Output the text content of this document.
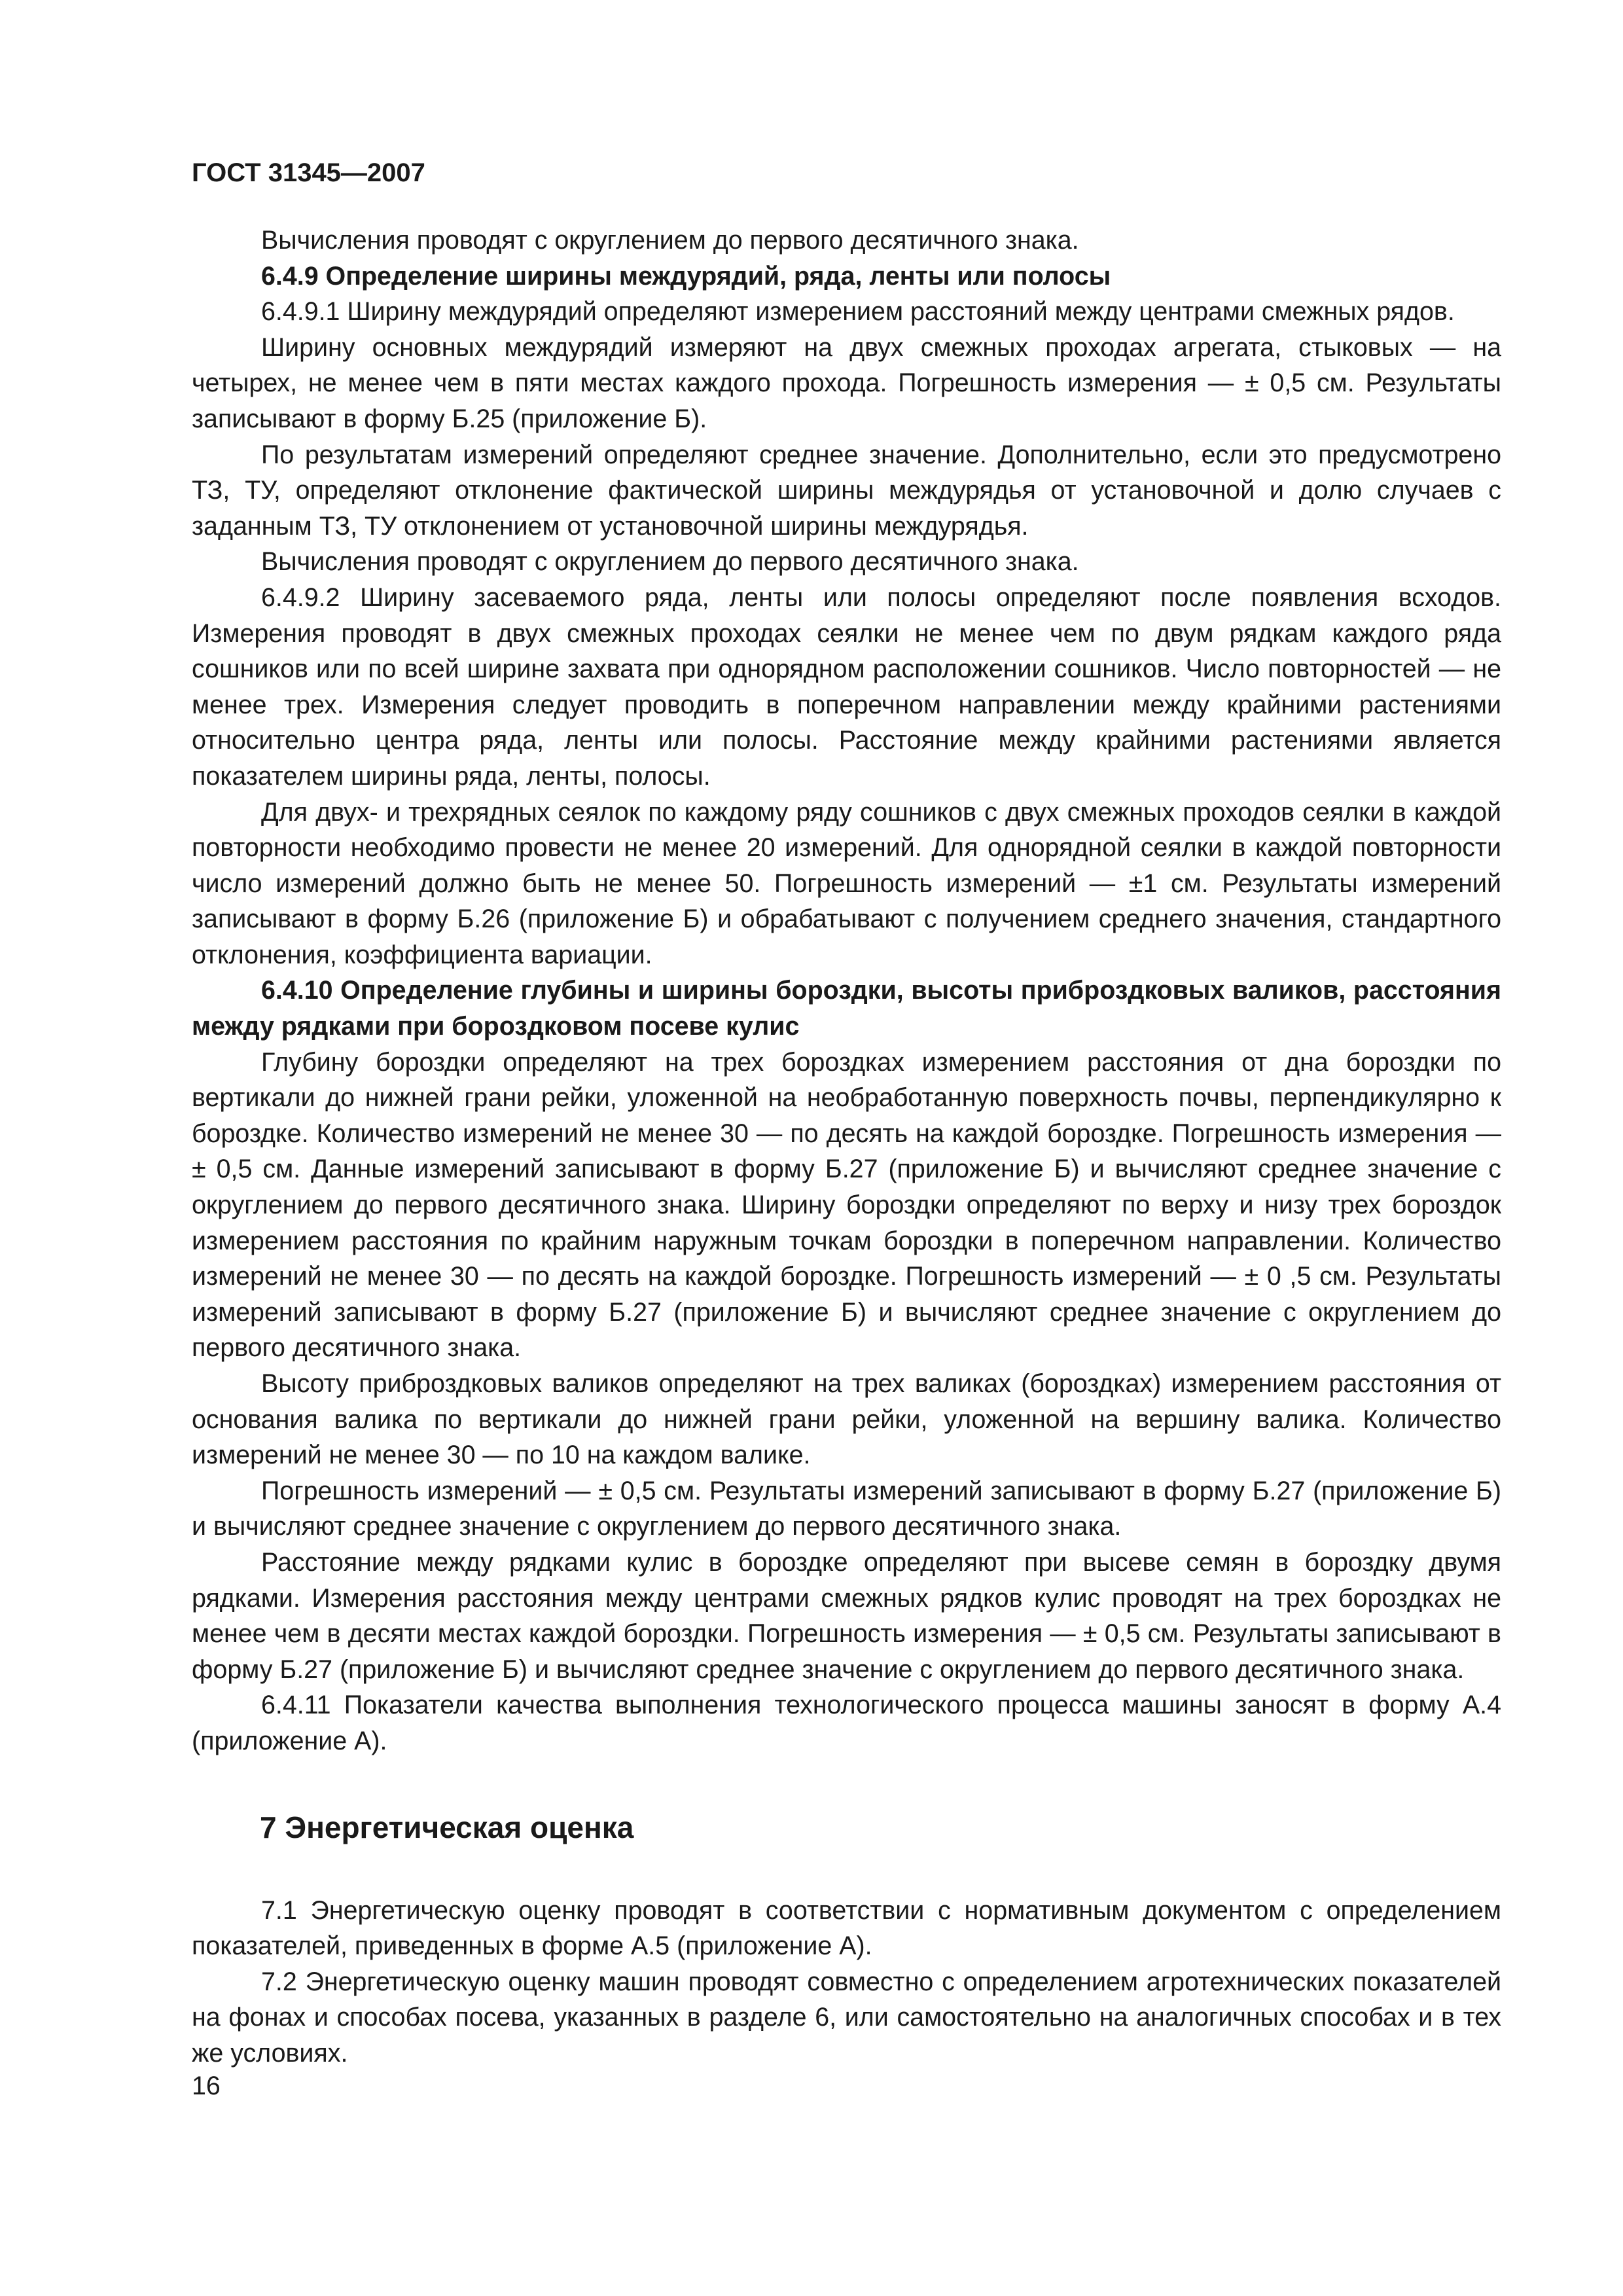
ГОСТ 31345—2007

Вычисления проводят с округлением до первого десятичного знака.

6.4.9 Определение ширины междурядий, ряда, ленты или полосы

6.4.9.1 Ширину междурядий определяют измерением расстояний между центрами смежных рядов.

Ширину основных междурядий измеряют на двух смежных проходах агрегата, стыковых — на четырех, не менее чем в пяти местах каждого прохода. Погрешность измерения — ± 0,5 см. Результаты записывают в форму Б.25 (приложение Б).

По результатам измерений определяют среднее значение. Дополнительно, если это предусмотрено ТЗ, ТУ, определяют отклонение фактической ширины междурядья от установочной и долю случаев с заданным ТЗ, ТУ отклонением от установочной ширины междурядья.

Вычисления проводят с округлением до первого десятичного знака.

6.4.9.2 Ширину засеваемого ряда, ленты или полосы определяют после появления всходов. Измерения проводят в двух смежных проходах сеялки не менее чем по двум рядкам каждого ряда сошников или по всей ширине захвата при однорядном расположении сошников. Число повторностей — не менее трех. Измерения следует проводить в поперечном направлении между крайними растениями относительно центра ряда, ленты или полосы. Расстояние между крайними растениями является показателем ширины ряда, ленты, полосы.

Для двух- и трехрядных сеялок по каждому ряду сошников с двух смежных проходов сеялки в каждой повторности необходимо провести не менее 20 измерений. Для однорядной сеялки в каждой повторности число измерений должно быть не менее 50. Погрешность измерений — ±1 см. Результаты измерений записывают в форму Б.26 (приложение Б) и обрабатывают с получением среднего значения, стандартного отклонения, коэффициента вариации.

6.4.10 Определение глубины и ширины бороздки, высоты приброздковых валиков, расстояния между рядками при бороздковом посеве кулис

Глубину бороздки определяют на трех бороздках измерением расстояния от дна бороздки по вертикали до нижней грани рейки, уложенной на необработанную поверхность почвы, перпендикулярно к бороздке. Количество измерений не менее 30 — по десять на каждой бороздке. Погрешность измерения — ± 0,5 см. Данные измерений записывают в форму Б.27 (приложение Б) и вычисляют среднее значение с округлением до первого десятичного знака. Ширину бороздки определяют по верху и низу трех бороздок измерением расстояния по крайним наружным точкам бороздки в поперечном направлении. Количество измерений не менее 30 — по десять на каждой бороздке. Погрешность измерений — ± 0 ,5 см. Результаты измерений записывают в форму Б.27 (приложение Б) и вычисляют среднее значение с округлением до первого десятичного знака.

Высоту приброздковых валиков определяют на трех валиках (бороздках) измерением расстояния от основания валика по вертикали до нижней грани рейки, уложенной на вершину валика. Количество измерений не менее 30 — по 10 на каждом валике.

Погрешность измерений — ± 0,5 см. Результаты измерений записывают в форму Б.27 (приложение Б) и вычисляют среднее значение с округлением до первого десятичного знака.

Расстояние между рядками кулис в бороздке определяют при высеве семян в бороздку двумя рядками. Измерения расстояния между центрами смежных рядков кулис проводят на трех бороздках не менее чем в десяти местах каждой бороздки. Погрешность измерения — ± 0,5 см. Результаты записывают в форму Б.27 (приложение Б) и вычисляют среднее значение с округлением до первого десятичного знака.

6.4.11 Показатели качества выполнения технологического процесса машины заносят в форму А.4 (приложение А).

7 Энергетическая оценка

7.1 Энергетическую оценку проводят в соответствии с нормативным документом с определением показателей, приведенных в форме А.5 (приложение А).

7.2 Энергетическую оценку машин проводят совместно с определением агротехнических показателей на фонах и способах посева, указанных в разделе 6, или самостоятельно на аналогичных способах и в тех же условиях.

16
